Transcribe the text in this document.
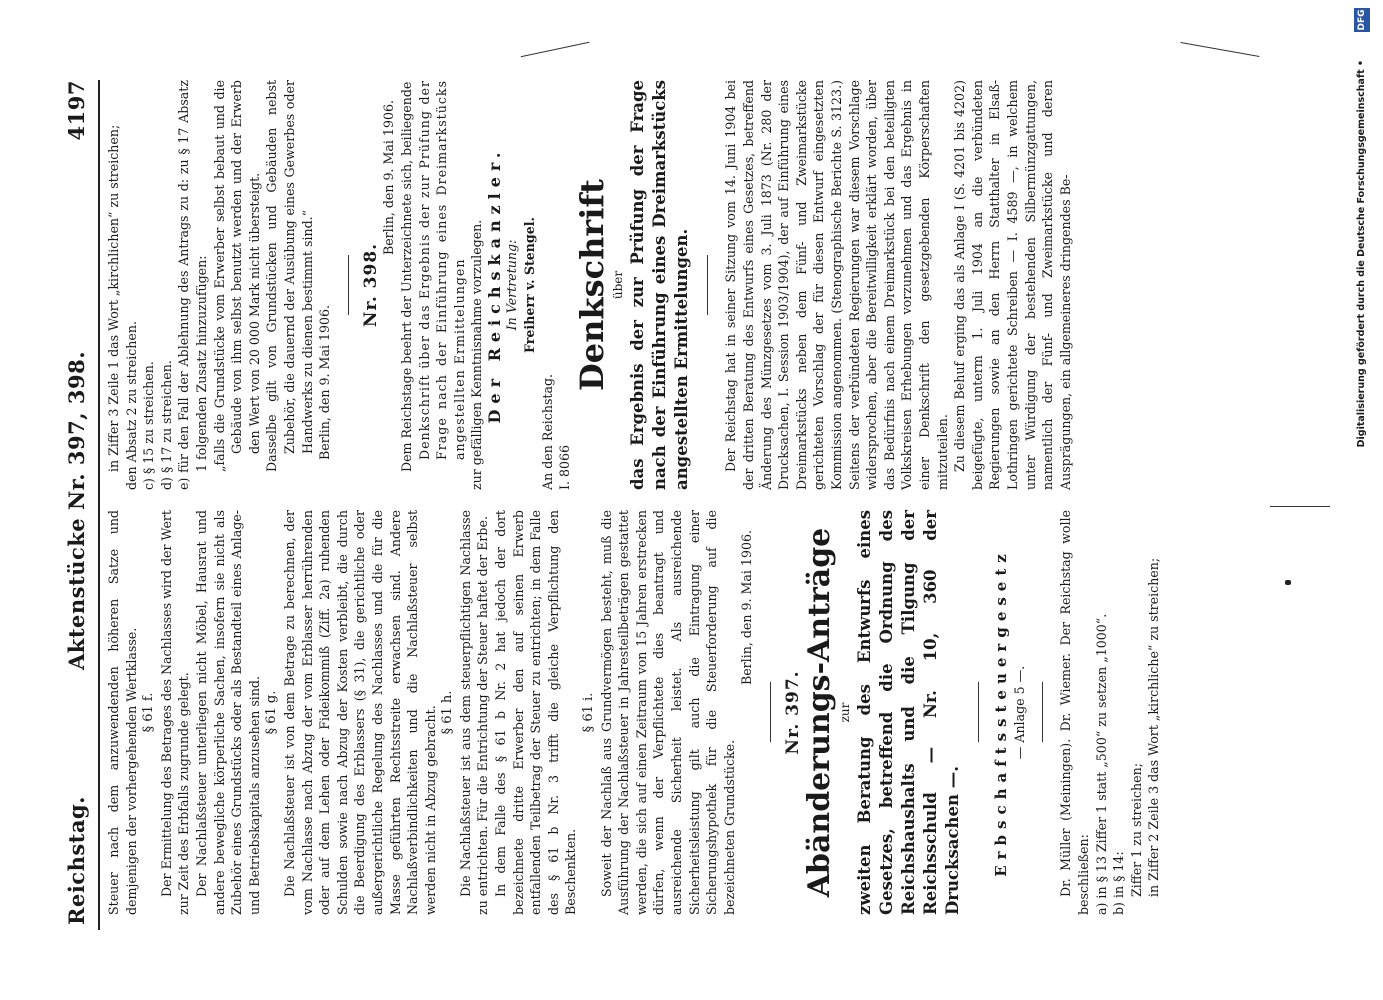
Reichstag.
Aktenstücke Nr. 397, 398.
4197

Steuer nach dem anzuwendenden höheren Satze und demjenigen der vorhergehenden Wertklasse. § 61 f. Der Ermittelung des Betrages des Nachlasses wird der Wert zur Zeit des Erbfalls zugrunde gelegt. Der Nachlaßsteuer unterliegen nicht Möbel, Hausrat und andere bewegliche körperliche Sachen, insofern sie nicht als Zubehör eines Grundstücks oder als Bestandteil eines Anlage- und Betriebskapitals anzusehen sind. § 61 g. Die Nachlaßsteuer ist von dem Betrage zu berechnen, der vom Nachlasse nach Abzug der vom Erblasser herrührenden oder auf dem Lehen oder Fideikommiß (Ziff. 2a) ruhenden Schulden sowie nach Abzug der Kosten verbleibt, die durch die Beerdigung des Erblassers (§ 31), die gerichtliche oder außergerichtliche Regelung des Nachlasses und die für die Masse geführten Rechtsstreite erwachsen sind. Andere Nachlaßverbindlichkeiten und die Nachlaßsteuer selbst werden nicht in Abzug gebracht. § 61 h. Die Nachlaßsteuer ist aus dem steuerpflichtigen Nachlasse zu entrichten. Für die Entrichtung der Steuer haftet der Erbe. In dem Falle des § 61 b Nr. 2 hat jedoch der dort bezeichnete dritte Erwerber den auf seinen Erwerb entfallenden Teilbetrag der Steuer zu entrichten; in dem Falle des § 61 b Nr. 3 trifft die gleiche Verpflichtung den Beschenkten.

§ 61 i. Soweit der Nachlaß aus Grundvermögen besteht, muß die Ausführung der Nachlaßsteuer in Jahresteilbeträgen gestattet werden, die sich auf einen Zeitraum von 15 Jahren erstrecken dürfen, wenn der Verpflichtete dies beantragt und ausreichende Sicherheit leistet. Als ausreichende Sicherheitsleistung gilt auch die Eintragung einer Sicherungshypothek für die Steuerforderung auf die bezeichneten Grundstücke.

Berlin, den 9. Mai 1906.

Nr. 397.

Abänderungs-Anträge zur zweiten Beratung des Entwurfs eines Gesetzes, betreffend die Ordnung des Reichshaushalts und die Tilgung der Reichsschuld — Nr. 10, 360 der Drucksachen —. Erbschaftssteuergesetz — Anlage 5 —.	Dr. Müller (Meiningen). Dr. Wiemer. Der Reichstag wolle beschließen: a) in § 13 Ziffer 1 statt „500“ zu setzen „1000“. b) in § 14: Ziffer 1 zu streichen; in Ziffer 2 Zeile 3 das Wort „kirchliche“ zu streichen;

in Ziffer 3 Zeile 1 das Wort „kirchlichen“ zu streichen; den Absatz 2 zu streichen. c) § 15 zu streichen. d) § 17 zu streichen. e) für den Fall der Ablehnung des Antrags zu d: zu § 17 Absatz 1 folgenden Zusatz hinzuzufügen: „falls die Grundstücke vom Erwerber selbst bebaut und die Gebäude von ihm selbst benutzt werden und der Erwerb den Wert von 20 000 Mark nicht übersteigt. Dasselbe gilt von Grundstücken und Gebäuden nebst Zubehör, die dauernd der Ausübung eines Gewerbes oder Handwerks zu dienen bestimmt sind.“ Berlin, den 9. Mai 1906.

Nr. 398.

Berlin, den 9. Mai 1906. Dem Reichstage beehrt der Unterzeichnete sich, beiliegende Denkschrift über das Ergebnis der zur Prüfung der Frage nach der Einführung eines Dreimarkstücks angestellten Ermittelungen zur gefälligen Kenntnisnahme vorzulegen. Der Reichskanzler. In Vertretung: Freiherr v. Stengel.

An den Reichstag. I. 8066

Denkschrift über das Ergebnis der zur Prüfung der Frage nach der Einführung eines Dreimarkstücks angestellten Ermittelungen.	Der Reichstag hat in seiner Sitzung vom 14. Juni 1904 bei der dritten Beratung des Entwurfs eines Gesetzes, betreffend Änderung des Münzgesetzes vom 3. Juli 1873 (Nr. 280 der Drucksachen, I. Session 1903/1904), der auf Einführung eines Dreimarkstücks neben dem Fünf- und Zweimarkstücke gerichteten Vorschlag der für diesen Entwurf eingesetzten Kommission angenommen. (Stenographische Berichte S. 3123.) Seitens der verbündeten Regierungen war diesem Vorschlage widersprochen, aber die Bereitwilligkeit erklärt worden, über das Bedürfnis nach einem Dreimarkstück bei den beteiligten Volkskreisen Erhebungen vorzunehmen und das Ergebnis in einer Denkschrift den gesetzgebenden Körperschaften mitzuteilen. Zu diesem Behuf erging das als Anlage I (S. 4201 bis 4202) beigefügte, unterm 1. Juli 1904 an die verbündeten Regierungen sowie an den Herrn Statthalter in Elsaß-Lothringen gerichtete Schreiben — I. 4589 —, in welchem unter Würdigung der bestehenden Silbermünzgattungen, namentlich der Fünf- und Zweimarkstücke und deren Ausprägungen, ein allgemeineres dringendes Be-	Digitalisierung gefördert durch die Deutsche Forschungsgemeinschaft •
DFG
